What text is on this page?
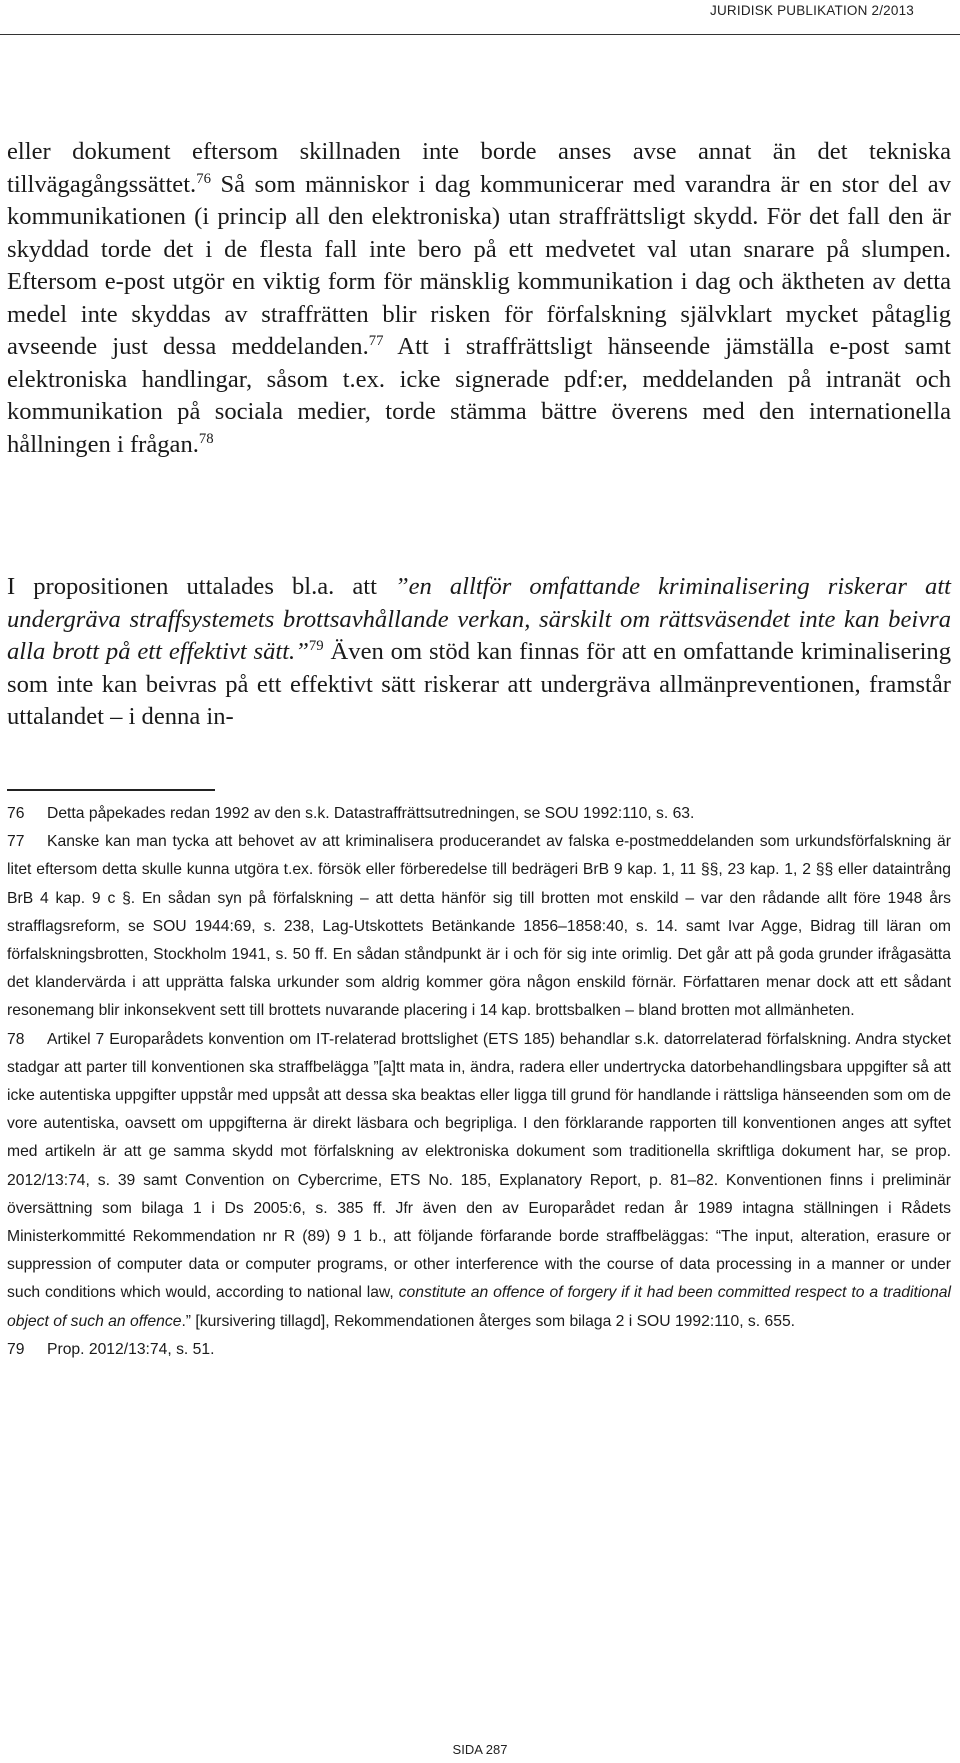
JURIDISK PUBLIKATION 2/2013

eller dokument eftersom skillnaden inte borde anses avse annat än det tekniska tillvägagångssättet.$^{76}$ Så som människor i dag kommunicerar med varandra är en stor del av kommunikationen (i princip all den elektroniska) utan straffrättsligt skydd. För det fall den är skyddad torde det i de flesta fall inte bero på ett medvetet val utan snarare på slumpen. Eftersom e-post utgör en viktig form för mänsklig kommunikation i dag och äktheten av detta medel inte skyddas av straffrätten blir risken för förfalskning självklart mycket påtaglig avseende just dessa meddelanden.$^{77}$ Att i straffrättsligt hänseende jämställa e-post samt elektroniska handlingar, såsom t.ex. icke signerade pdf:er, meddelanden på intranät och kommunikation på sociala medier, torde stämma bättre överens med den internationella hållningen i frågan.$^{78}$

I propositionen uttalades bl.a. att ”en alltför omfattande kriminalisering riskerar att undergräva straffsystemets brottsavhållande verkan, särskilt om rättsväsendet inte kan beivra alla brott på ett effektivt sätt.”$^{79}$ Även om stöd kan finnas för att en omfattande kriminalisering som inte kan beivras på ett effektivt sätt riskerar att undergräva allmänpreventionen, framstår uttalandet – i denna in-

76 Detta påpekades redan 1992 av den s.k. Datastraffrättsutredningen, se SOU 1992:110, s. 63.

77 Kanske kan man tycka att behovet av att kriminalisera producerandet av falska e-postmeddelanden som urkundsförfalskning är litet eftersom detta skulle kunna utgöra t.ex. försök eller förberedelse till bedrägeri BrB 9 kap. 1, 11 §§, 23 kap. 1, 2 §§ eller dataintrång BrB 4 kap. 9 c §. En sådan syn på förfalskning – att detta hänför sig till brotten mot enskild – var den rådande allt före 1948 års strafflagsreform, se SOU 1944:69, s. 238, Lag-Utskottets Betänkande 1856–1858:40, s. 14. samt Ivar Agge, Bidrag till läran om förfalskningsbrotten, Stockholm 1941, s. 50 ff. En sådan ståndpunkt är i och för sig inte orimlig. Det går att på goda grunder ifrågasätta det klandervärda i att upprätta falska urkunder som aldrig kommer göra någon enskild förnär. Författaren menar dock att ett sådant resonemang blir inkonsekvent sett till brottets nuvarande placering i 14 kap. brottsbalken – bland brotten mot allmänheten.

78 Artikel 7 Europarådets konvention om IT-relaterad brottslighet (ETS 185) behandlar s.k. datorrelaterad förfalskning. Andra stycket stadgar att parter till konventionen ska straffbelägga ”[a]tt mata in, ändra, radera eller undertrycka datorbehandlingsbara uppgifter så att icke autentiska uppgifter uppstår med uppsåt att dessa ska beaktas eller ligga till grund för handlande i rättsliga hänseenden som om de vore autentiska, oavsett om uppgifterna är direkt läsbara och begripliga. I den förklarande rapporten till konventionen anges att syftet med artikeln är att ge samma skydd mot förfalskning av elektroniska dokument som traditionella skriftliga dokument har, se prop. 2012/13:74, s. 39 samt Convention on Cybercrime, ETS No. 185, Explanatory Report, p. 81–82. Konventionen finns i preliminär översättning som bilaga 1 i Ds 2005:6, s. 385 ff. Jfr även den av Europarådet redan år 1989 intagna ställningen i Rådets Ministerkommitté Rekommendation nr R (89) 9 1 b., att följande förfarande borde straffbeläggas: “The input, alteration, erasure or suppression of computer data or computer programs, or other interference with the course of data processing in a manner or under such conditions which would, according to national law, constitute an offence of forgery if it had been committed respect to a traditional object of such an offence.” [kursivering tillagd], Rekommendationen återges som bilaga 2 i SOU 1992:110, s. 655.

79 Prop. 2012/13:74, s. 51.

SIDA 287
